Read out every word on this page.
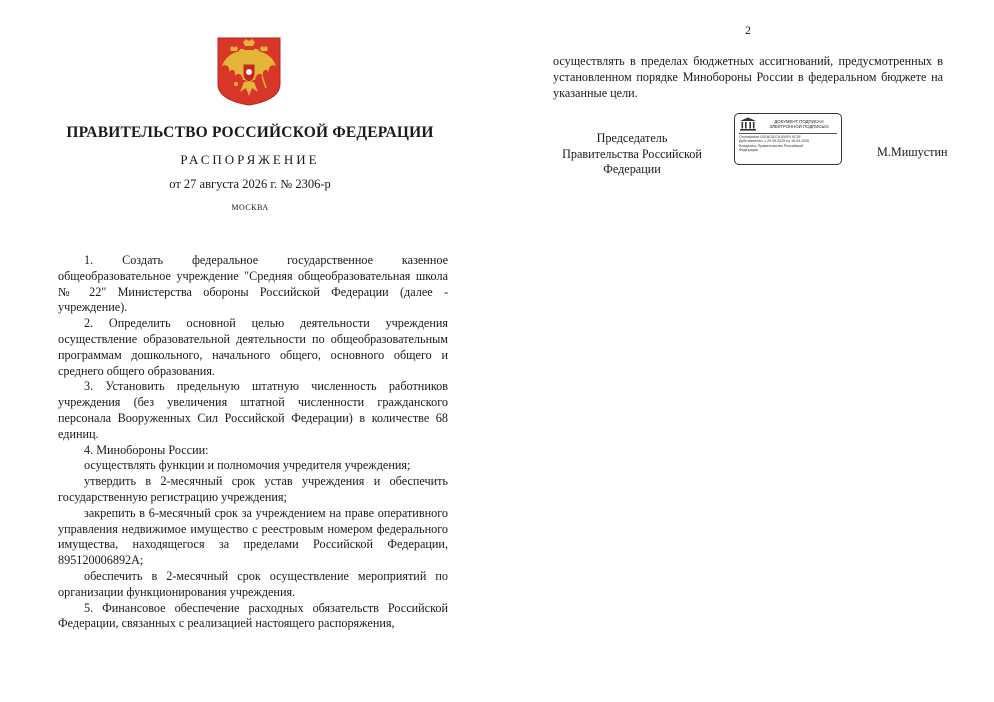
ПРАВИТЕЛЬСТВО РОССИЙСКОЙ ФЕДЕРАЦИИ
РАСПОРЯЖЕНИЕ
от 27 августа 2026 г. № 2306-р
МОСКВА

1. Создать федеральное государственное казенное общеобразовательное учреждение "Средняя общеобразовательная школа № 22" Министерства обороны Российской Федерации (далее - учреждение).

2. Определить основной целью деятельности учреждения осуществление образовательной деятельности по общеобразовательным программам дошкольного, начального общего, основного общего и среднего общего образования.

3. Установить предельную штатную численность работников учреждения (без увеличения штатной численности гражданского персонала Вооруженных Сил Российской Федерации) в количестве 68 единиц.

4. Минобороны России:

осуществлять функции и полномочия учредителя учреждения;

утвердить в 2-месячный срок устав учреждения и обеспечить государственную регистрацию учреждения;

закрепить в 6-месячный срок за учреждением на праве оперативного управления недвижимое имущество с реестровым номером федерального имущества, находящегося за пределами Российской Федерации, 895120006892А;

обеспечить в 2-месячный срок осуществление мероприятий по организации функционирования учреждения.

5. Финансовое обеспечение расходных обязательств Российской Федерации, связанных с реализацией настоящего распоряжения,

2

осуществлять в пределах бюджетных ассигнований, предусмотренных в установленном порядке Минобороны России в федеральном бюджете на указанные цели.

Председатель Правительства Российской Федерации
ДОКУМЕНТ ПОДПИСАН ЭЛЕКТРОННОЙ ПОДПИСЬЮ
Сертификат 02E8C5D7A1B0F4 9C3E
Действителен: с 20.09.2025 по 16.09.2026
Владелец: Правительство Российской
Федерации	М.Мишустин
